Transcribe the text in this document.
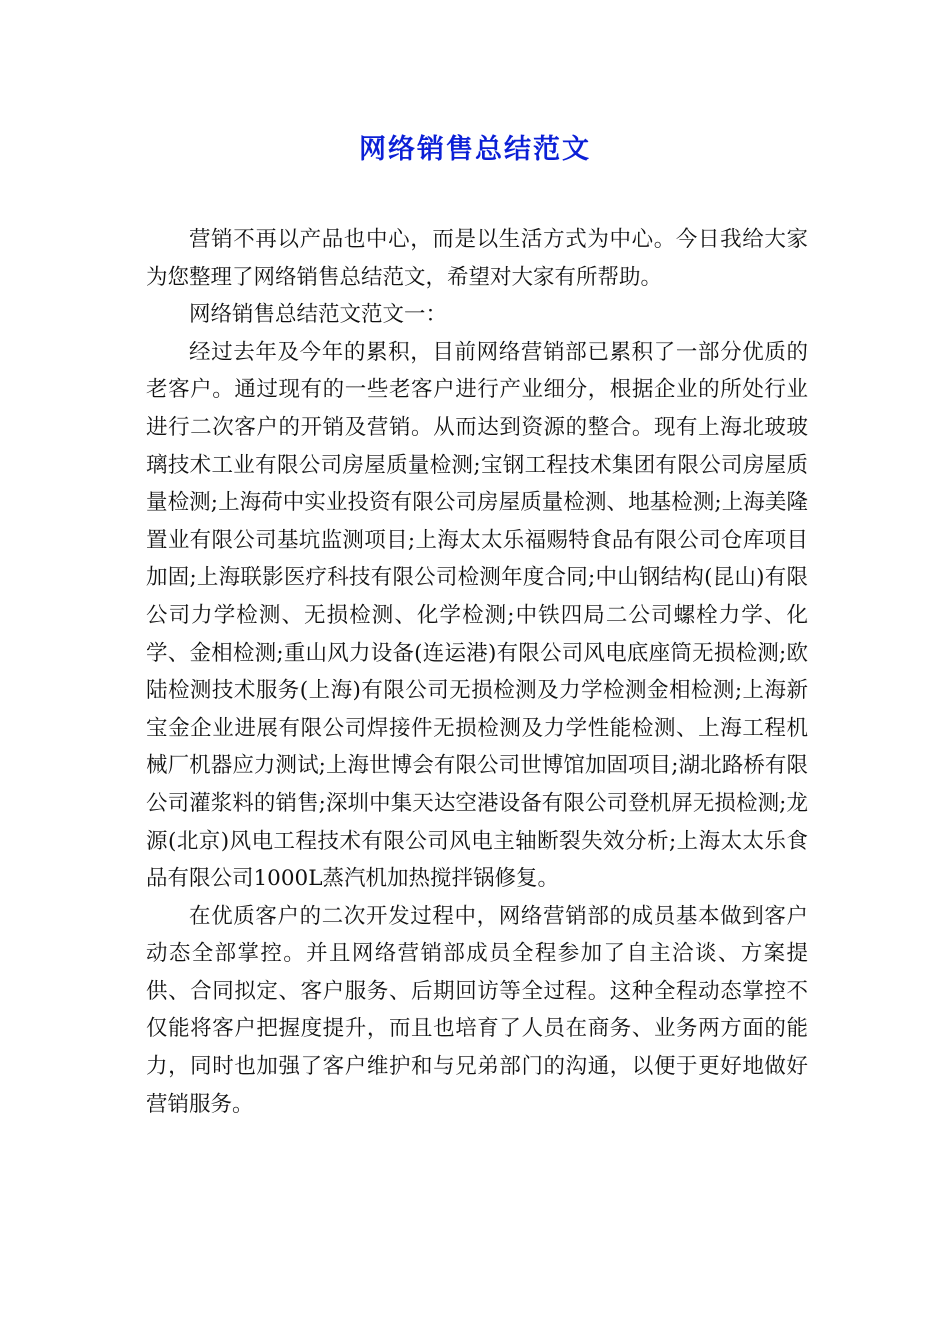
网络销售总结范文

营销不再以产品也中心，而是以生活方式为中心。今日我给大家为您整理了网络销售总结范文，希望对大家有所帮助。

网络销售总结范文范文一：

经过去年及今年的累积，目前网络营销部已累积了一部分优质的老客户。通过现有的一些老客户进行产业细分，根据企业的所处行业进行二次客户的开销及营销。从而达到资源的整合。现有上海北玻玻璃技术工业有限公司房屋质量检测;宝钢工程技术集团有限公司房屋质量检测;上海荷中实业投资有限公司房屋质量检测、地基检测;上海美隆置业有限公司基坑监测项目;上海太太乐福赐特食品有限公司仓库项目加固;上海联影医疗科技有限公司检测年度合同;中山钢结构(昆山)有限公司力学检测、无损检测、化学检测;中铁四局二公司螺栓力学、化学、金相检测;重山风力设备(连运港)有限公司风电底座筒无损检测;欧陆检测技术服务(上海)有限公司无损检测及力学检测金相检测;上海新宝金企业进展有限公司焊接件无损检测及力学性能检测、上海工程机械厂机器应力测试;上海世博会有限公司世博馆加固项目;湖北路桥有限公司灌浆料的销售;深圳中集天达空港设备有限公司登机屏无损检测;龙源(北京)风电工程技术有限公司风电主轴断裂失效分析;上海太太乐食品有限公司1000L蒸汽机加热搅拌锅修复。

在优质客户的二次开发过程中，网络营销部的成员基本做到客户动态全部掌控。并且网络营销部成员全程参加了自主洽谈、方案提供、合同拟定、客户服务、后期回访等全过程。这种全程动态掌控不仅能将客户把握度提升，而且也培育了人员在商务、业务两方面的能力，同时也加强了客户维护和与兄弟部门的沟通，以便于更好地做好营销服务。
